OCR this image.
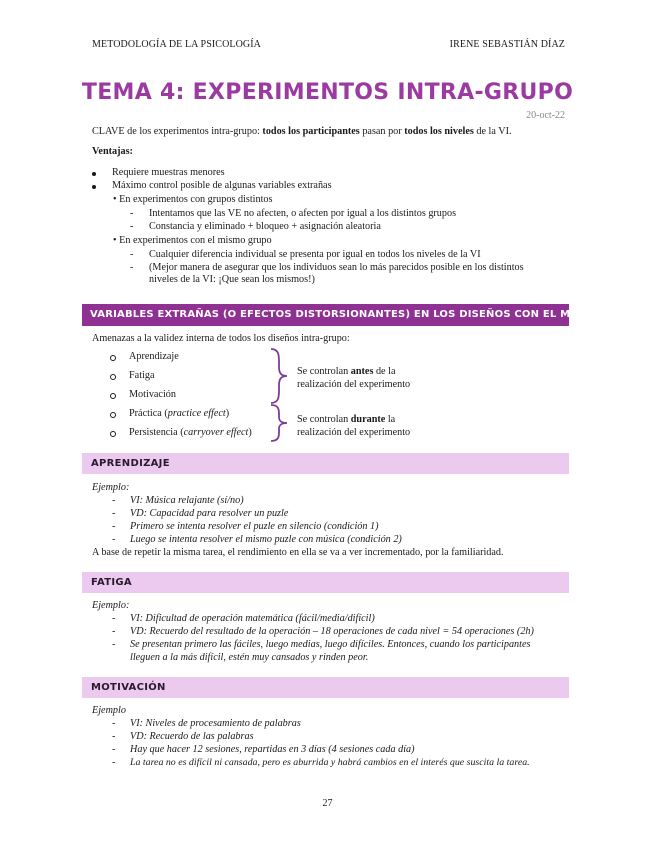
METODOLOGÍA DE LA PSICOLOGÍA	IRENE SEBASTIÁN DÍAZ
TEMA 4: EXPERIMENTOS INTRA-GRUPO
20-oct-22
CLAVE de los experimentos intra-grupo: todos los participantes pasan por todos los niveles de la VI.
Ventajas:
Requiere muestras menores
Máximo control posible de algunas variables extrañas
• En experimentos con grupos distintos
- Intentamos que las VE no afecten, o afecten por igual a los distintos grupos
- Constancia y eliminado + bloqueo + asignación aleatoria
• En experimentos con el mismo grupo
- Cualquier diferencia individual se presenta por igual en todos los niveles de la VI
- (Mejor manera de asegurar que los individuos sean lo más parecidos posible en los distintos
niveles de la VI: ¡Que sean los mismos!)
VARIABLES EXTRAÑAS (O EFECTOS DISTORSIONANTES) EN LOS DISEÑOS CON EL MISMO GRUPO
Amenazas a la validez interna de todos los diseños intra-grupo:
Aprendizaje
Fatiga
Motivación
Práctica (practice effect)
Persistencia (carryover effect)
Se controlan antes de la
realización del experimento
Se controlan durante la
realización del experimento
APRENDIZAJE
Ejemplo:
- VI: Música relajante (sí/no)
- VD: Capacidad para resolver un puzle
- Primero se intenta resolver el puzle en silencio (condición 1)
- Luego se intenta resolver el mismo puzle con música (condición 2)
A base de repetir la misma tarea, el rendimiento en ella se va a ver incrementado, por la familiaridad.
FATIGA
Ejemplo:
- VI: Dificultad de operación matemática (fácil/media/difícil)
- VD: Recuerdo del resultado de la operación – 18 operaciones de cada nivel = 54 operaciones (2h)
- Se presentan primero las fáciles, luego medias, luego difíciles. Entonces, cuando los participantes
lleguen a la más difícil, estén muy cansados y rinden peor.
MOTIVACIÓN
Ejemplo
- VI: Niveles de procesamiento de palabras
- VD: Recuerdo de las palabras
- Hay que hacer 12 sesiones, repartidas en 3 días (4 sesiones cada día)
- La tarea no es difícil ni cansada, pero es aburrida y habrá cambios en el interés que suscita la tarea.
27
